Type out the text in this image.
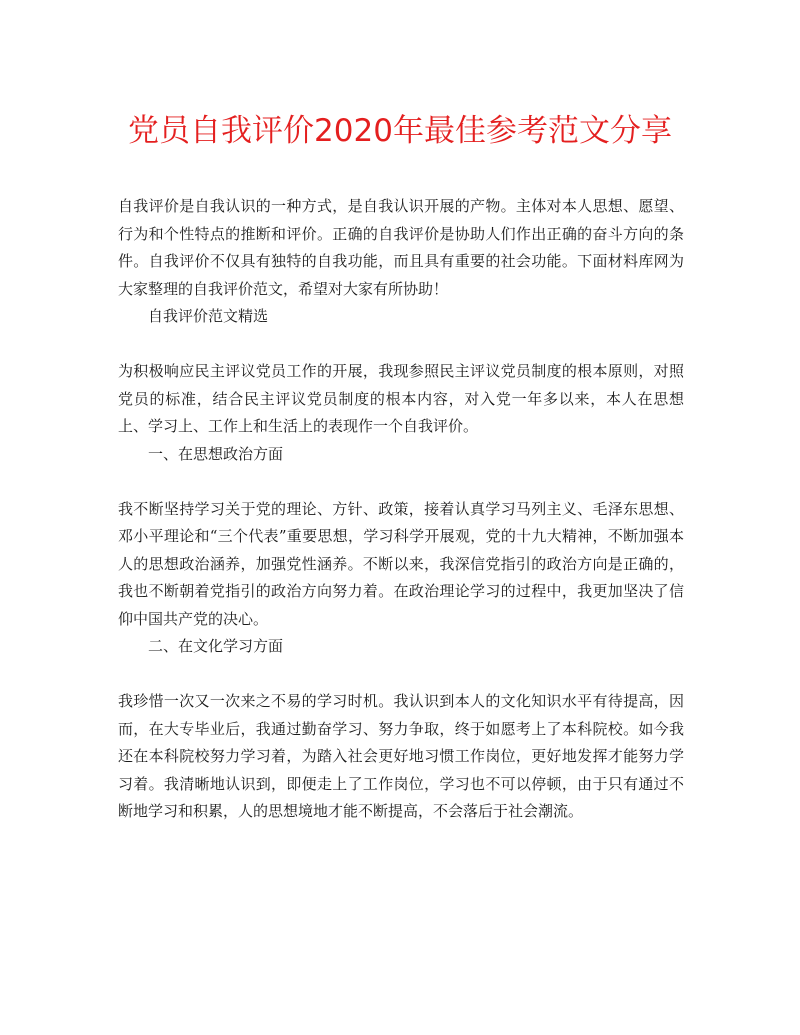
党员自我评价2020年最佳参考范文分享

自我评价是自我认识的一种方式，是自我认识开展的产物。主体对本人思想、愿望、行为和个性特点的推断和评价。正确的自我评价是协助人们作出正确的奋斗方向的条件。自我评价不仅具有独特的自我功能，而且具有重要的社会功能。下面材料库网为大家整理的自我评价范文，希望对大家有所协助！

自我评价范文精选

为积极响应民主评议党员工作的开展，我现参照民主评议党员制度的根本原则，对照党员的标准，结合民主评议党员制度的根本内容，对入党一年多以来，本人在思想上、学习上、工作上和生活上的表现作一个自我评价。

一、在思想政治方面

我不断坚持学习关于党的理论、方针、政策，接着认真学习马列主义、毛泽东思想、邓小平理论和“三个代表”重要思想，学习科学开展观，党的十九大精神，不断加强本人的思想政治涵养，加强党性涵养。不断以来，我深信党指引的政治方向是正确的，我也不断朝着党指引的政治方向努力着。在政治理论学习的过程中，我更加坚决了信仰中国共产党的决心。

二、在文化学习方面

我珍惜一次又一次来之不易的学习时机。我认识到本人的文化知识水平有待提高，因而，在大专毕业后，我通过勤奋学习、努力争取，终于如愿考上了本科院校。如今我还在本科院校努力学习着，为踏入社会更好地习惯工作岗位，更好地发挥才能努力学习着。我清晰地认识到，即便走上了工作岗位，学习也不可以停顿，由于只有通过不断地学习和积累，人的思想境地才能不断提高，不会落后于社会潮流。
